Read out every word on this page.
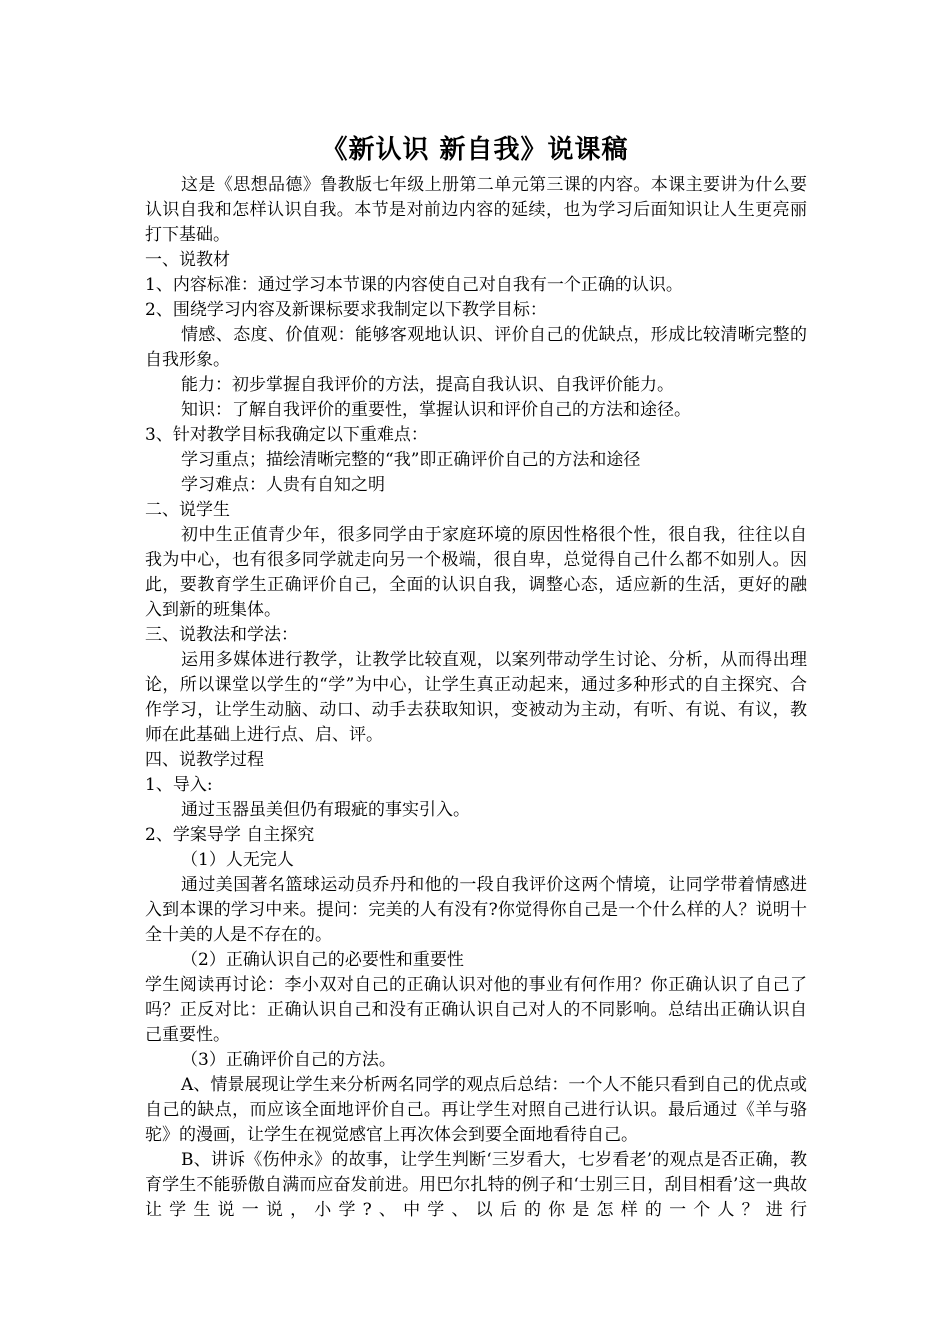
《新认识 新自我》说课稿

这是《思想品德》鲁教版七年级上册第二单元第三课的内容。本课主要讲为什么要认识自我和怎样认识自我。本节是对前边内容的延续，也为学习后面知识让人生更亮丽打下基础。

一、说教材

1、内容标准：通过学习本节课的内容使自己对自我有一个正确的认识。

2、围绕学习内容及新课标要求我制定以下教学目标：

情感、态度、价值观：能够客观地认识、评价自己的优缺点，形成比较清晰完整的自我形象。

能力：初步掌握自我评价的方法，提高自我认识、自我评价能力。

知识：了解自我评价的重要性，掌握认识和评价自己的方法和途径。

3、针对教学目标我确定以下重难点：

学习重点；描绘清晰完整的“我”即正确评价自己的方法和途径

学习难点：人贵有自知之明

二、说学生

初中生正值青少年，很多同学由于家庭环境的原因性格很个性，很自我，往往以自我为中心，也有很多同学就走向另一个极端，很自卑，总觉得自己什么都不如别人。因此，要教育学生正确评价自己，全面的认识自我，调整心态，适应新的生活，更好的融入到新的班集体。

三、说教法和学法：

运用多媒体进行教学，让教学比较直观，以案列带动学生讨论、分析，从而得出理论，所以课堂以学生的“学”为中心，让学生真正动起来，通过多种形式的自主探究、合作学习，让学生动脑、动口、动手去获取知识，变被动为主动，有听、有说、有议，教师在此基础上进行点、启、评。

四、说教学过程

1、导入:

通过玉器虽美但仍有瑕疵的事实引入。

2、学案导学 自主探究

（1）人无完人

通过美国著名篮球运动员乔丹和他的一段自我评价这两个情境，让同学带着情感进入到本课的学习中来。提问：完美的人有没有?你觉得你自己是一个什么样的人？说明十全十美的人是不存在的。

（2）正确认识自己的必要性和重要性

学生阅读再讨论：李小双对自己的正确认识对他的事业有何作用？你正确认识了自己了吗？正反对比：正确认识自己和没有正确认识自己对人的不同影响。总结出正确认识自己重要性。

（3）正确评价自己的方法。

A、情景展现让学生来分析两名同学的观点后总结：一个人不能只看到自己的优点或自己的缺点，而应该全面地评价自己。再让学生对照自己进行认识。最后通过《羊与骆驼》的漫画，让学生在视觉感官上再次体会到要全面地看待自己。

B、讲诉《伤仲永》的故事，让学生判断‘三岁看大，七岁看老’的观点是否正确，教育学生不能骄傲自满而应奋发前进。用巴尔扎特的例子和‘士别三日，刮目相看’这一典故让学生说一说，小学?、中学、以后的你是怎样的一个人？进行
